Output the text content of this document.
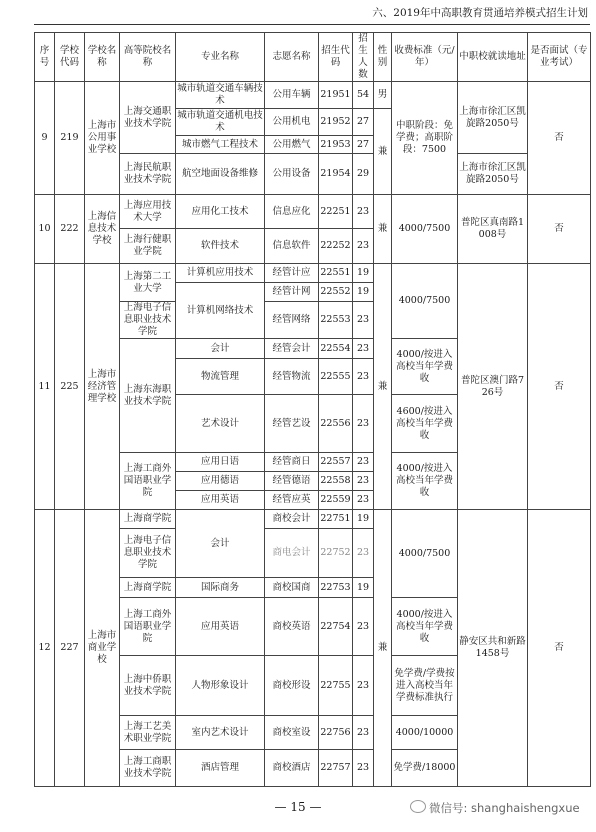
六、2019年中高职教育贯通培养模式招生计划
序号	学校代码	学校名称	高等院校名称	专业名称	志愿名称	招生代码	招生人数	性别	收费标准（元/年）	中职校就读地址	是否面试（专业考试）
9	219	上海市公用事业学校	上海交通职业技术学院	城市轨道交通车辆技术	公用车辆	21951	54	男	中职阶段：免学费；高职阶段：7500	上海市徐汇区凯旋路2050号	否
				城市轨道交通机电技术	公用机电	21952	27	兼			
				城市燃气工程技术	公用燃气	21953	27				
			上海民航职业技术学院	航空地面设备维修	公用设备	21954	29			上海市徐汇区凯旋路2050号	
10	222	上海信息技术学校	上海应用技术大学	应用化工技术	信息应化	22251	23	兼	4000/7500	普陀区真南路1008号	否
			上海行健职业学院	软件技术	信息软件	22252	23				
11	225	上海市经济管理学校	上海第二工业大学	计算机应用技术	经管计应	22551	19	兼	4000/7500	普陀区澳门路726号	否
				计算机网络技术	经管计网	22552	19				
			上海电子信息职业技术学院		经管网络	22553	23				
			上海东海职业技术学院	会计	经管会计	22554	23		4000/按进入高校当年学费收		
				物流管理	经管物流	22555	23				
				艺术设计	经管艺设	22556	23		4600/按进入高校当年学费收		
			上海工商外国语职业学院	应用日语	经管商日	22557	23		4000/按进入高校当年学费收		
				应用德语	经管德语	22558	23				
				应用英语	经管应英	22559	23				
12	227	上海市商业学校	上海商学院	会计	商校会计	22751	19	兼	4000/7500	静安区共和新路1458号	否
			上海电子信息职业技术学院		商电会计	22752	23				
			上海商学院	国际商务	商校国商	22753	19				
			上海工商外国语职业学院	应用英语	商校英语	22754	23		4000/按进入高校当年学费收		
			上海中侨职业技术学院	人物形象设计	商校形设	22755	23		免学费/学费按进入高校当年学费标准执行		
			上海工艺美术职业学院	室内艺术设计	商校室设	22756	23		4000/10000		
			上海工商职业技术学院	酒店管理	商校酒店	22757	23		免学费/18000		
— 15 —	微信号: shanghaishengxue
